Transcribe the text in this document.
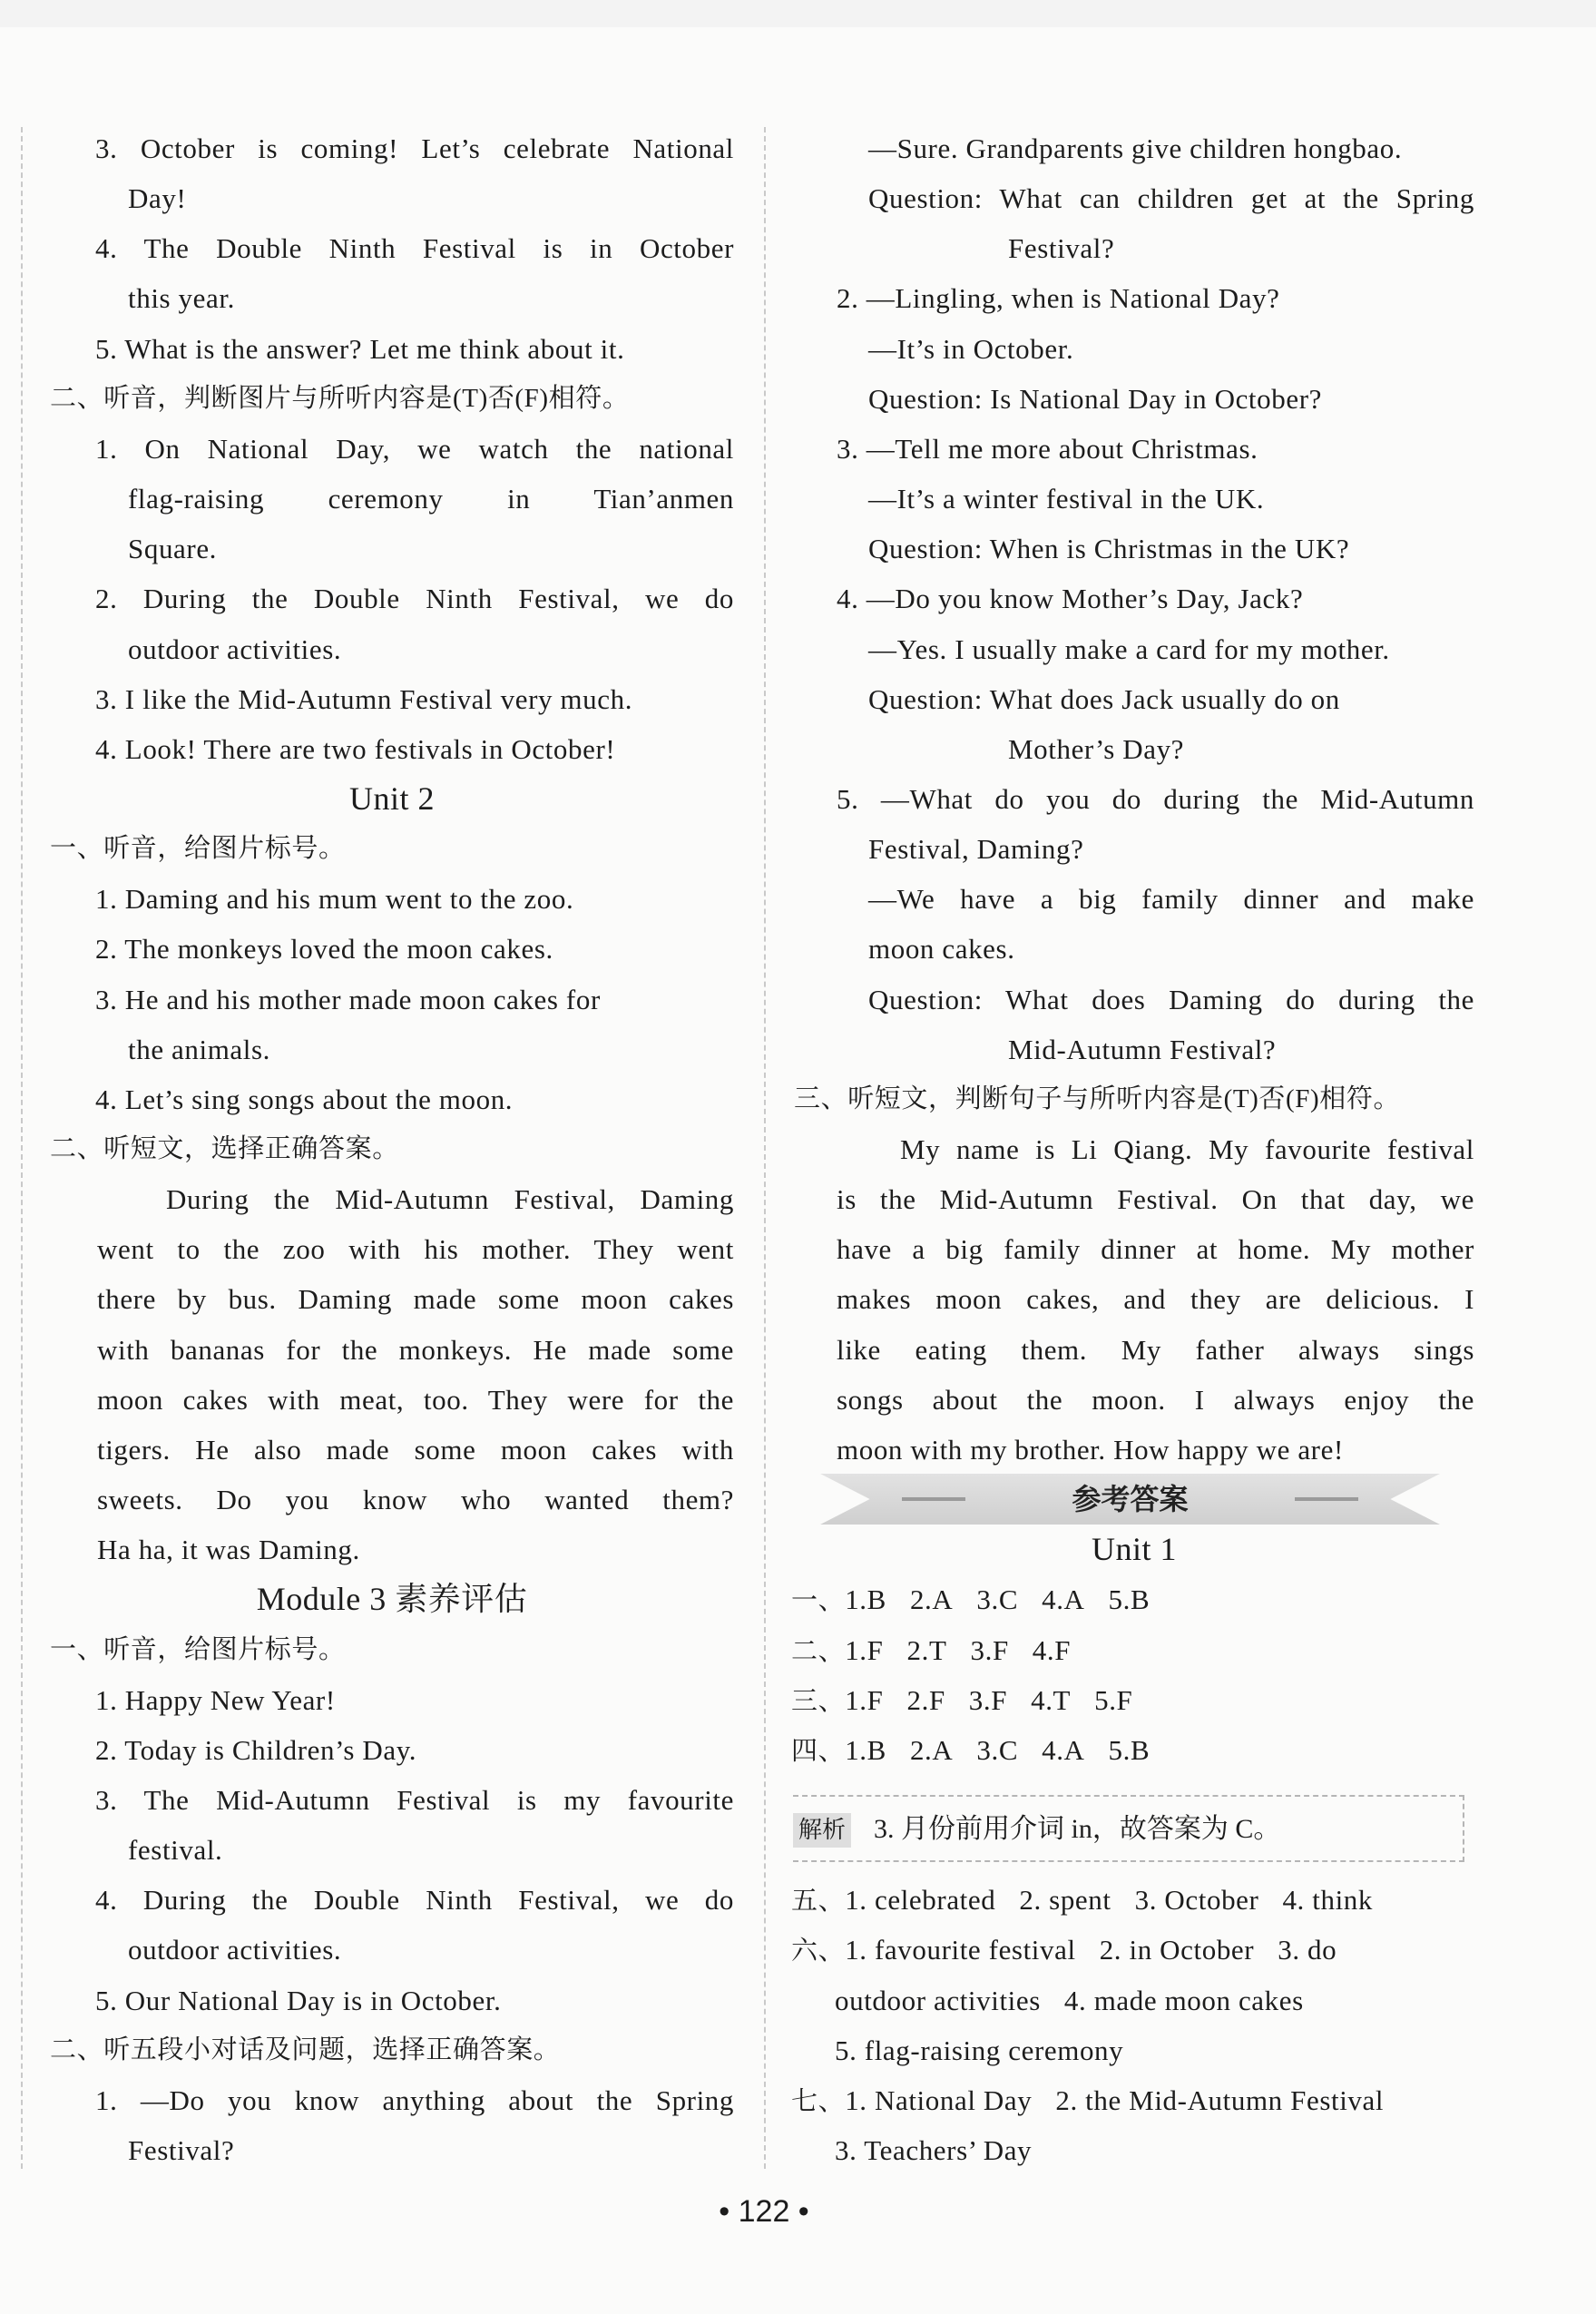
3. October is coming! Let’s celebrate National
Day!
4. The Double Ninth Festival is in October
this year.
5. What is the answer? Let me think about it.
二、听音，判断图片与所听内容是(T)否(F)相符。
1. On National Day, we watch the national
flag-raising ceremony in Tian’anmen
Square.
2. During the Double Ninth Festival, we do
outdoor activities.
3. I like the Mid-Autumn Festival very much.
4. Look! There are two festivals in October!
Unit 2
一、听音，给图片标号。
1. Daming and his mum went to the zoo.
2. The monkeys loved the moon cakes.
3. He and his mother made moon cakes for
the animals.
4. Let’s sing songs about the moon.
二、听短文，选择正确答案。
During the Mid-Autumn Festival, Daming
went to the zoo with his mother. They went
there by bus. Daming made some moon cakes
with bananas for the monkeys. He made some
moon cakes with meat, too. They were for the
tigers. He also made some moon cakes with
sweets. Do you know who wanted them?
Ha ha, it was Daming.
Module 3 素养评估
一、听音，给图片标号。
1. Happy New Year!
2. Today is Children’s Day.
3. The Mid-Autumn Festival is my favourite
festival.
4. During the Double Ninth Festival, we do
outdoor activities.
5. Our National Day is in October.
二、听五段小对话及问题，选择正确答案。
1. —Do you know anything about the Spring
Festival?
—Sure. Grandparents give children hongbao.
Question: What can children get at the Spring
Festival?
2. —Lingling, when is National Day?
—It’s in October.
Question: Is National Day in October?
3. —Tell me more about Christmas.
—It’s a winter festival in the UK.
Question: When is Christmas in the UK?
4. —Do you know Mother’s Day, Jack?
—Yes. I usually make a card for my mother.
Question: What does Jack usually do on
Mother’s Day?
5. —What do you do during the Mid-Autumn
Festival, Daming?
—We have a big family dinner and make
moon cakes.
Question: What does Daming do during the
Mid-Autumn Festival?
三、听短文，判断句子与所听内容是(T)否(F)相符。
My name is Li Qiang. My favourite festival
is the Mid-Autumn Festival. On that day, we
have a big family dinner at home. My mother
makes moon cakes, and they are delicious. I
like eating them. My father always sings
songs about the moon. I always enjoy the
moon with my brother. How happy we are!
参考答案
解析 3. 月份前用介词 in，故答案为 C。
Unit 1
一、1.B 2.A 3.C 4.A 5.B
二、1.F 2.T 3.F 4.F
三、1.F 2.F 3.F 4.T 5.F
四、1.B 2.A 3.C 4.A 5.B
五、1. celebrated 2. spent 3. October 4. think
六、1. favourite festival 2. in October 3. do
outdoor activities 4. made moon cakes
5. flag-raising ceremony
七、1. National Day 2. the Mid-Autumn Festival
3. Teachers’ Day
• 122 •
